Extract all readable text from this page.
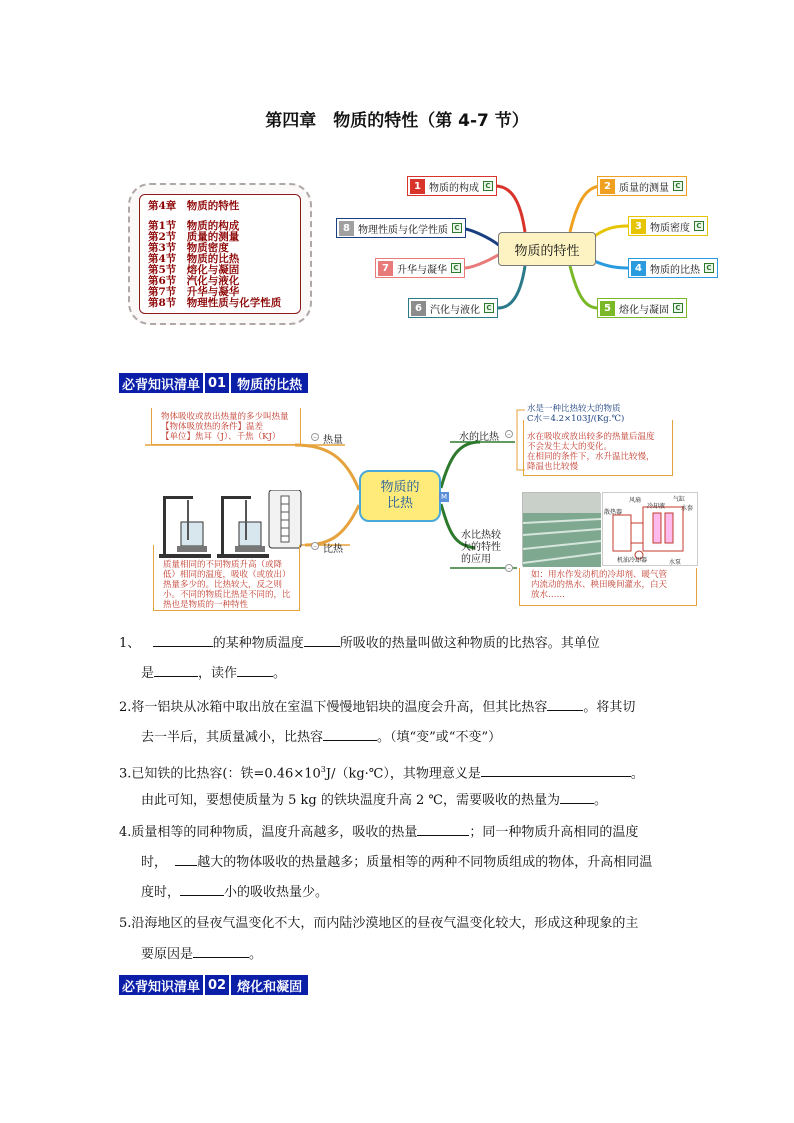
第四章　物质的特性（第 4-7 节）
第4章　物质的特性
第1节　物质的构成
第2节　质量的测量
第3节　物质密度
第4节　物质的比热
第5节　熔化与凝固
第6节　汽化与液化
第7节　升华与凝华
第8节　物理性质与化学性质
物质的特性
1 物质的构成 C	2 质量的测量 C
3 物质密度 C
4 物质的比热 C
5 熔化与凝固 C
6 汽化与液化 C
7 升华与凝华 C
8 物理性质与化学性质 C
必背知识清单 01 物质的比热
物质的
比热	M
热量
–
物体吸收或放出热量的多少叫热量
【物体吸放热的条件】温差
【单位】焦耳（J）、千焦（KJ）
比热
–
质量相同的不同物质升高（或降
低）相同的温度，吸收（或放出）
热量多少的。比热较大，反之则
小。不同的物质比热是不同的，比
热也是物质的一种特性
水的比热	–
水是一种比热较大的物质
C水＝4.2×103J/(Kg.℃)
水在吸收或放出较多的热量后温度
不会发生太大的变化。
在相同的条件下，水升温比较慢，
降温也比较慢
水比热较
大的特性
的应用
–
风扇
冷却液
气缸
水套
散热器
水泵
机油冷却器
如：用水作发动机的冷却剂、暖气管
内流动的热水、秧田晚间灌水，白天
放水……
1、	的某种物质温度	所吸收的热量叫做这种物质的比热容。其单位
是	，读作	。
2.将一铝块从冰箱中取出放在室温下慢慢地铝块的温度会升高，但其比热容	。将其切
去一半后，其质量减小，比热容	。（填“变”或“不变”）
3.已知铁的比热容(：铁$=0.46\times 10^3J/(kg\cdot℃)$，其物理意义是	。
由此可知，要想使质量为 5 kg 的铁块温度升高 2 ℃，需要吸收的热量为	。
4.质量相等的同种物质，温度升高越多，吸收的热量	；同一种物质升高相同的温度
时， 越大的物体吸收的热量越多；质量相等的两种不同物质组成的物体，升高相同温
度时，	小的吸收热量少。
5.沿海地区的昼夜气温变化不大，而内陆沙漠地区的昼夜气温变化较大，形成这种现象的主
要原因是	。
必背知识清单 02 熔化和凝固
